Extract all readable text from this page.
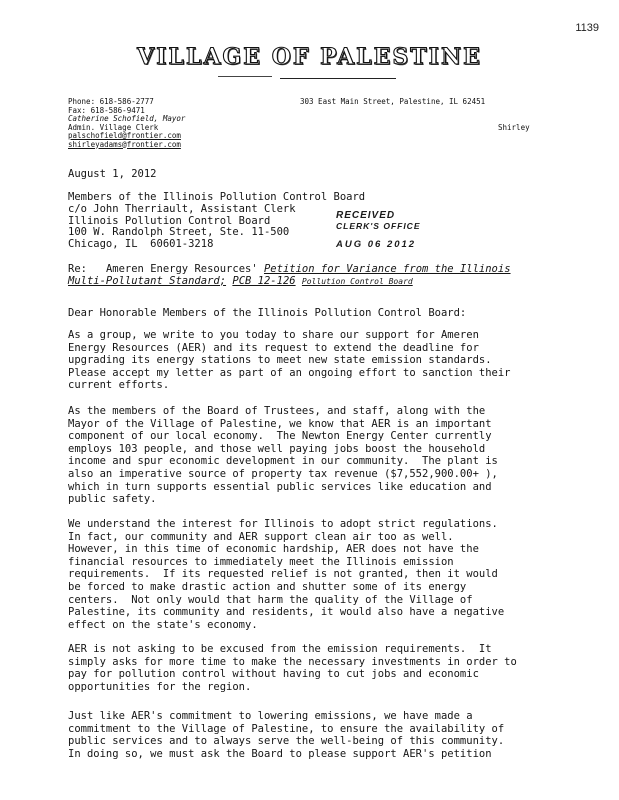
1139
VILLAGE OF PALESTINE
Phone: 618-586-2777
Fax: 618-586-9471
Catherine Schofield, Mayor
Admin. Village Clerk
palschofield@frontier.com
shirleyadams@frontier.com
303 East Main Street, Palestine, IL 62451
Shirley
August 1, 2012
Members of the Illinois Pollution Control Board
c/o John Therriault, Assistant Clerk
Illinois Pollution Control Board
100 W. Randolph Street, Ste. 11-500
Chicago, IL  60601-3218
RECEIVED
CLERK'S OFFICE
AUG 06 2012
Re: Ameren Energy Resources' Petition for Variance from the Illinois
Multi-Pollutant Standard; PCB 12-126 Pollution Control Board
Dear Honorable Members of the Illinois Pollution Control Board:
As a group, we write to you today to share our support for Ameren
Energy Resources (AER) and its request to extend the deadline for
upgrading its energy stations to meet new state emission standards.
Please accept my letter as part of an ongoing effort to sanction their
current efforts.
As the members of the Board of Trustees, and staff, along with the
Mayor of the Village of Palestine, we know that AER is an important
component of our local economy.  The Newton Energy Center currently
employs 103 people, and those well paying jobs boost the household
income and spur economic development in our community.  The plant is
also an imperative source of property tax revenue ($7,552,900.00+ ),
which in turn supports essential public services like education and
public safety.
We understand the interest for Illinois to adopt strict regulations.
In fact, our community and AER support clean air too as well.
However, in this time of economic hardship, AER does not have the
financial resources to immediately meet the Illinois emission
requirements.  If its requested relief is not granted, then it would
be forced to make drastic action and shutter some of its energy
centers.  Not only would that harm the quality of the Village of
Palestine, its community and residents, it would also have a negative
effect on the state's economy.
AER is not asking to be excused from the emission requirements.  It
simply asks for more time to make the necessary investments in order to
pay for pollution control without having to cut jobs and economic
opportunities for the region.
Just like AER's commitment to lowering emissions, we have made a
commitment to the Village of Palestine, to ensure the availability of
public services and to always serve the well-being of this community.
In doing so, we must ask the Board to please support AER's petition
